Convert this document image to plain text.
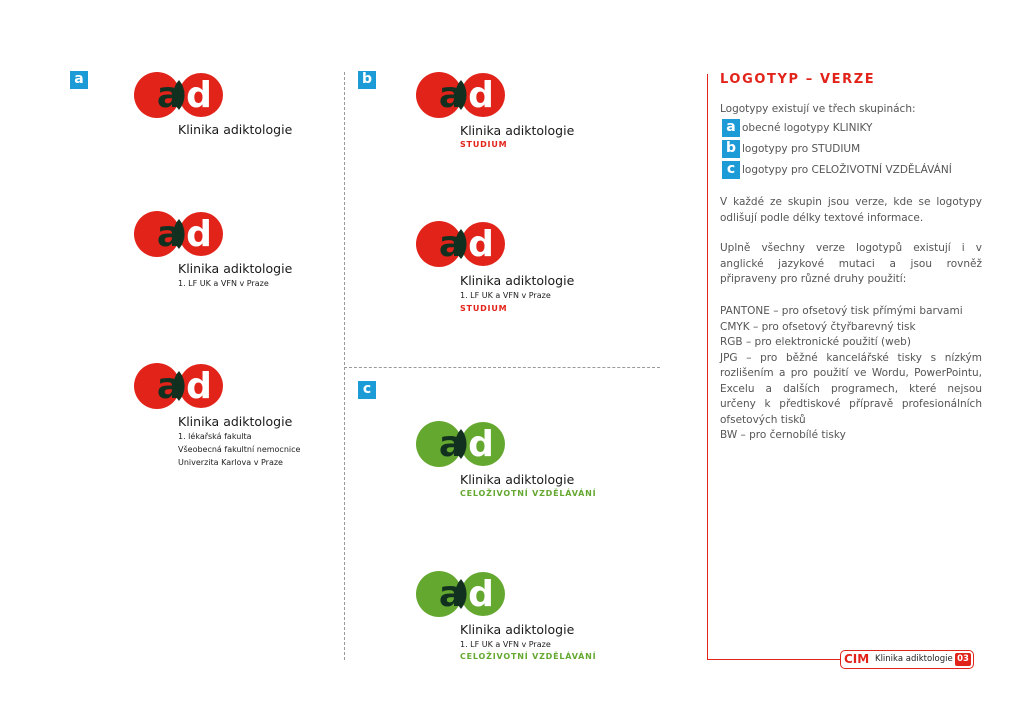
a	b
c
a d
Klinika adiktologie
a d
Klinika adiktologie
1. LF UK a VFN v Praze
a d
Klinika adiktologie
1. lékařská fakulta
Všeobecná fakultní nemocnice
Univerzita Karlova v Praze
a d
Klinika adiktologie
STUDIUM
a d
Klinika adiktologie
1. LF UK a VFN v Praze
STUDIUM
a d
Klinika adiktologie
CELOŽIVOTNÍ VZDĚLÁVÁNÍ
a d
Klinika adiktologie
1. LF UK a VFN v Praze
CELOŽIVOTNÍ VZDĚLÁVÁNÍ
LOGOTYP – VERZE
Logotypy existují ve třech skupinách:
a obecné logotypy KLINIKY
b logotypy pro STUDIUM
c logotypy pro CELOŽIVOTNÍ VZDĚLÁVÁNÍ
V každé ze skupin jsou verze, kde se logotypy odlišují podle délky textové informace.
Uplně všechny verze logotypů existují i v anglické jazykové mutaci a jsou rovněž připraveny pro různé druhy použití:
PANTONE – pro ofsetový tisk přímými barvami
CMYK – pro ofsetový čtyřbarevný tisk
RGB – pro elektronické použití (web)
JPG – pro běžné kancelářské tisky s nízkým rozlišením a pro použití ve Wordu, PowerPointu, Excelu a dalších programech, které nejsou určeny k předtiskové přípravě profesionálních ofsetových tisků
BW – pro černobílé tisky
CIM Klinika adiktologie 03
